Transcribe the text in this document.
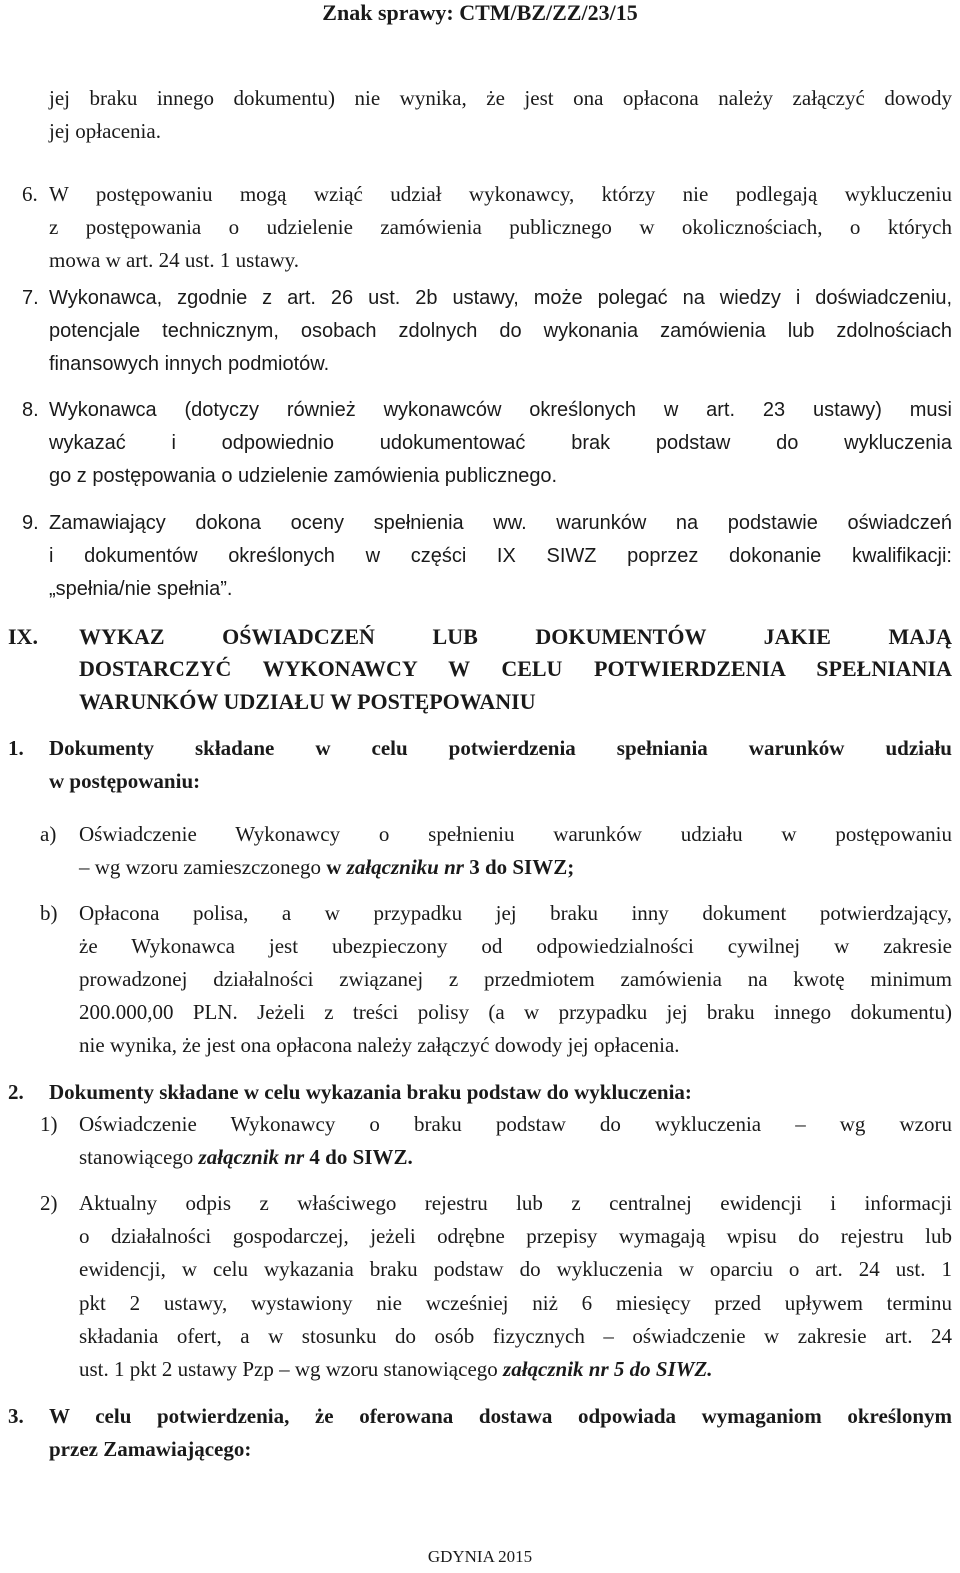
Znak sprawy: CTM/BZ/ZZ/23/15
jej braku innego dokumentu) nie wynika, że jest ona opłacona należy załączyć dowody
jej opłacenia.
6. W postępowaniu mogą wziąć udział wykonawcy, którzy nie podlegają wykluczeniu
z postępowania o udzielenie zamówienia publicznego w okolicznościach, o których
mowa w art. 24 ust. 1 ustawy.
7. Wykonawca, zgodnie z art. 26 ust. 2b ustawy, może polegać na wiedzy i doświadczeniu,
potencjale technicznym, osobach zdolnych do wykonania zamówienia lub zdolnościach
finansowych innych podmiotów.
8. Wykonawca (dotyczy również wykonawców określonych w art. 23 ustawy) musi
wykazać i odpowiednio udokumentować brak podstaw do wykluczenia
go z postępowania o udzielenie zamówienia publicznego.
9. Zamawiający dokona oceny spełnienia ww. warunków na podstawie oświadczeń
i dokumentów określonych w części IX SIWZ poprzez dokonanie kwalifikacji:
„spełnia/nie spełnia”.
IX. WYKAZ OŚWIADCZEŃ LUB DOKUMENTÓW JAKIE MAJĄ
DOSTARCZYĆ WYKONAWCY W CELU POTWIERDZENIA SPEŁNIANIA
WARUNKÓW UDZIAŁU W POSTĘPOWANIU
1. Dokumenty składane w celu potwierdzenia spełniania warunków udziału
w postępowaniu:
a) Oświadczenie Wykonawcy o spełnieniu warunków udziału w postępowaniu
– wg wzoru zamieszczonego w załączniku nr 3 do SIWZ;
b) Opłacona polisa, a w przypadku jej braku inny dokument potwierdzający,
że Wykonawca jest ubezpieczony od odpowiedzialności cywilnej w zakresie
prowadzonej działalności związanej z przedmiotem zamówienia na kwotę minimum
200.000,00 PLN. Jeżeli z treści polisy (a w przypadku jej braku innego dokumentu)
nie wynika, że jest ona opłacona należy załączyć dowody jej opłacenia.
2. Dokumenty składane w celu wykazania braku podstaw do wykluczenia:
1) Oświadczenie Wykonawcy o braku podstaw do wykluczenia – wg wzoru
stanowiącego załącznik nr 4 do SIWZ.
2) Aktualny odpis z właściwego rejestru lub z centralnej ewidencji i informacji
o działalności gospodarczej, jeżeli odrębne przepisy wymagają wpisu do rejestru lub
ewidencji, w celu wykazania braku podstaw do wykluczenia w oparciu o art. 24 ust. 1
pkt 2 ustawy, wystawiony nie wcześniej niż 6 miesięcy przed upływem terminu
składania ofert, a w stosunku do osób fizycznych – oświadczenie w zakresie art. 24
ust. 1 pkt 2 ustawy Pzp – wg wzoru stanowiącego załącznik nr 5 do SIWZ.
3. W celu potwierdzenia, że oferowana dostawa odpowiada wymaganiom określonym
przez Zamawiającego:
GDYNIA 2015
